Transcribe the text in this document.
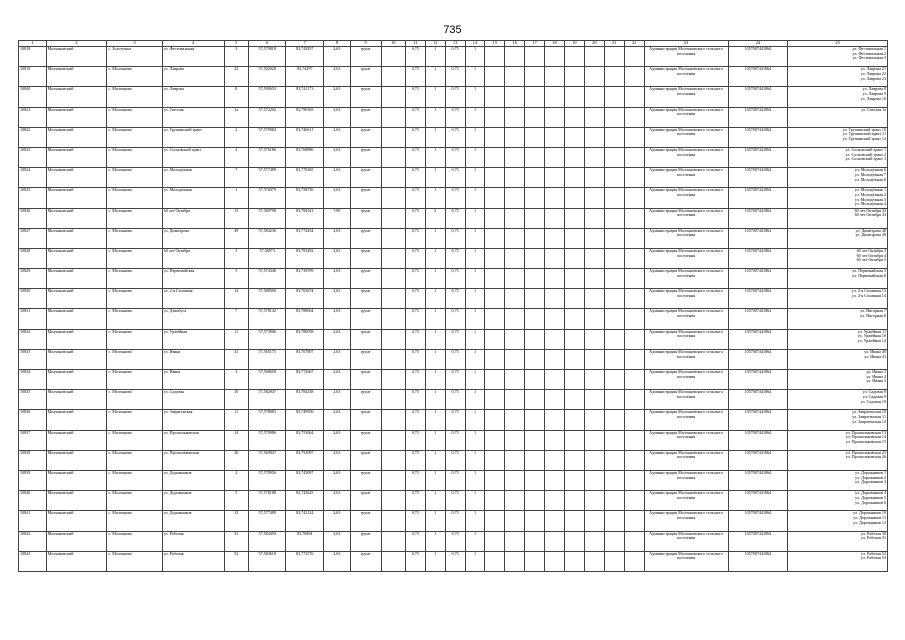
735
1	2	3	4	5	6	7	8	9	10	11	12	13	14	15	16	17	18	19	20	21	22	23	24	25
10818	Молчановский	с. Золотушка	ул. Фестивальная	3	57,579818	83,742857	2,63	грунт		0,75	1	0,75	1									Администрация Молчановского сельского поселения	1057007441864	ул. Фестивальная 1
ул. Фестивальная 2
ул. Фестивальная 5

10819	Молчановский	с. Молчаново	ул. Лаврова	22	57,592028	83,74297	2,63	грунт		0,75	1	0,75	1									Администрация Молчановского сельского поселения	1057007441864	ул. Лаврова 21
ул. Лаврова 22
ул. Лаврова 23

10820	Молчановский	с. Молчаново	ул. Лаврова	8	57,590653	83,741173	2,63	грунт		0,75	1	0,75	1									Администрация Молчановского сельского поселения	1057007441864	ул. Лаврова 8
ул. Лаврова 9
ул. Лаврова 10

10821	Молчановский	с. Молчаново	ул. Светлая	1а	57,572202	83,790365	2,63	грунт		0,75	1	0,75	1									Администрация Молчановского сельского поселения	1057007441864	ул. Светлая 1а

10822	Молчановский	с. Молчаново	ул. Грушинский тракт	2	57,570984	83,746611	2,63	грунт		0,75	1	0,75	1									Администрация Молчановского сельского поселения	1057007441864	ул. Грушинский тракт 10
ул. Грушинский тракт 11
ул. Грушинский тракт 12

10823	Молчановский	с. Молчаново	ул. Сосновский тракт	2	57,576186	83,768886	2,63	грунт		0,75	1	0,75	1									Администрация Молчановского сельского поселения	1057007441864	ул. Сосновский тракт 1
ул. Сосновский тракт 2
ул. Сосновский тракт 3

10824	Молчановский	с. Молчаново	ул. Молодёжная	7	57,577489	83,770365	2,63	грунт		0,75	1	0,75	1									Администрация Молчановского сельского поселения	1057007441864	ул. Молодёжная 6
ул. Молодёжная 7
ул. Молодёжная 8

10825	Молчановский	с. Молчаново	ул. Молодёжная	1	57,576079	83,758756	2,63	грунт		0,75	1	0,75	1									Администрация Молчановского сельского поселения	1057007441864	ул. Молодёжная 1
ул. Молодёжная 2
ул. Молодёжная 3
ул. Молодёжная 4

10826	Молчановский	с. Молчаново	60 лет Октября	13	57,580798	83,784541	7,89	грунт		0,75	3	0,75	1									Администрация Молчановского сельского поселения	1057007441864	60 лет Октября 32
60 лет Октября 33

10827	Молчановский	с. Молчаново	ул. Димитрова	49	57,584236	83,774434	2,63	грунт		0,75	1	0,75	1									Администрация Молчановского сельского поселения	1057007441864	ул. Димитрова 48
ул. Димитрова 49

10828	Молчановский	с. Молчаново	60 лет Октября	5	57,58073	83,783492	2,63	грунт		0,75	1	0,75	1									Администрация Молчановского сельского поселения	1057007441864	60 лет Октября 3
60 лет Октября 4
60 лет Октября 5

10829	Молчановский	с. Молчаново	ул. Первомайская	5	57,574348	83,739599	2,63	грунт		0,75	1	0,75	1									Администрация Молчановского сельского поселения	1057007441864	ул. Первомайская 5
ул. Первомайская 8

10830	Молчановский	с. Молчаново	ул. 2-я Сплавная	14	57,588506	83,763674	2,63	грунт		0,75	1	0,75	1									Администрация Молчановского сельского поселения	1057007441864	ул. 2-я Сплавная 13
ул. 2-я Сплавная 14

10831	Молчановский	с. Молчаново	ул. Дзинбуса	7	57,578142	83,788064	2,63	грунт		0,75	1	0,75	1									Администрация Молчановского сельского поселения	1057007441864	ул. Нигорная 7
ул. Нигорная 8

10832	Молчановский	с. Молчаново	ул. Уржейная	11	57,573906	83,780058	2,63	грунт		0,75	1	0,75	1									Администрация Молчановского сельского поселения	1057007441864	ул. Уржейная 11
ул. Уржейная 10
ул. Уржейная 12

10833	Молчановский	с. Молчаново	ул. Ивана	41	57,565175	83,767807	2,63	грунт		0,75	1	0,75	1									Администрация Молчановского сельского поселения	1057007441864	ул. Ивана 40
ул. Ивана 41

10834	Молчановский	с. Молчаново	ул. Ивана	3	57,568658	83,772667	2,63	грунт		0,75	1	0,75	1									Администрация Молчановского сельского поселения	1057007441864	ул. Ивана 3
ул. Ивана 4
ул. Ивана 5

10835	Молчановский	с. Молчаново	ул. Садовая	10	57,582947	83,784338	2,63	грунт		0,75	1	0,75	1									Администрация Молчановского сельского поселения	1057007441864	ул. Садовая 8
ул. Садовая 9
ул. Садовая 10

10836	Молчановский	с. Молчаново	ул. Заврагенская	11	57,578083	83,749956	2,63	грунт		0,75	1	0,75	1									Администрация Молчановского сельского поселения	1057007441864	ул. Заврагенская 10
ул. Заврагенская 11
ул. Заврагенская 12

10837	Молчановский	с. Молчаново	ул. Прошальковская	14	57,570986	83,753064	2,63	грунт		0,75	1	0,75	1									Администрация Молчановского сельского поселения	1057007441864	ул. Прошальковская 13
ул. Прошальковская 14
ул. Прошальковская 15

10838	Молчановский	с. Молчаново	ул. Прошальковская	26	57,569947	83,752097	2,63	грунт		0,75	1	0,75	1									Администрация Молчановского сельского поселения	1057007441864	ул. Прошальковская 25
ул. Прошальковская 26

10839	Молчановский	с. Молчаново	ул. Дорожников	2	57,578956	83,745097	2,63	грунт		0,75	1	0,75	1									Администрация Молчановского сельского поселения	1057007441864	ул. Дорожников 1
ул. Дорожников 2
ул. Дорожников 3

10840	Молчановский	с. Молчаново	ул. Дорожников	5	57,578188	83,743625	2,63	грунт		0,75	1	0,75	1									Администрация Молчановского сельского поселения	1057007441864	ул. Дорожников 4
ул. Дорожников 5
ул. Дорожников 6

10841	Молчановский	с. Молчаново	ул. Дорожников	12	57,577489	83,742124	2,63	грунт		0,75	1	0,75	1									Администрация Молчановского сельского поселения	1057007441864	ул. Дорожников 10
ул. Дорожников 11
ул. Дорожников 12

10842	Молчановский	с. Молчаново	ул. Рабочая	31	57,584459	83,76894	2,63	грунт		0,75	1	0,75	1									Администрация Молчановского сельского поселения	1057007441864	ул. Рабочая 30
ул. Рабочая 31

10843	Молчановский	с. Молчаново	ул. Рабочая	52	57,584618	83,772576	2,63	грунт		0,75	1	0,75	1									Администрация Молчановского сельского поселения	1057007441864	ул. Рабочая 52
ул. Рабочая 53
